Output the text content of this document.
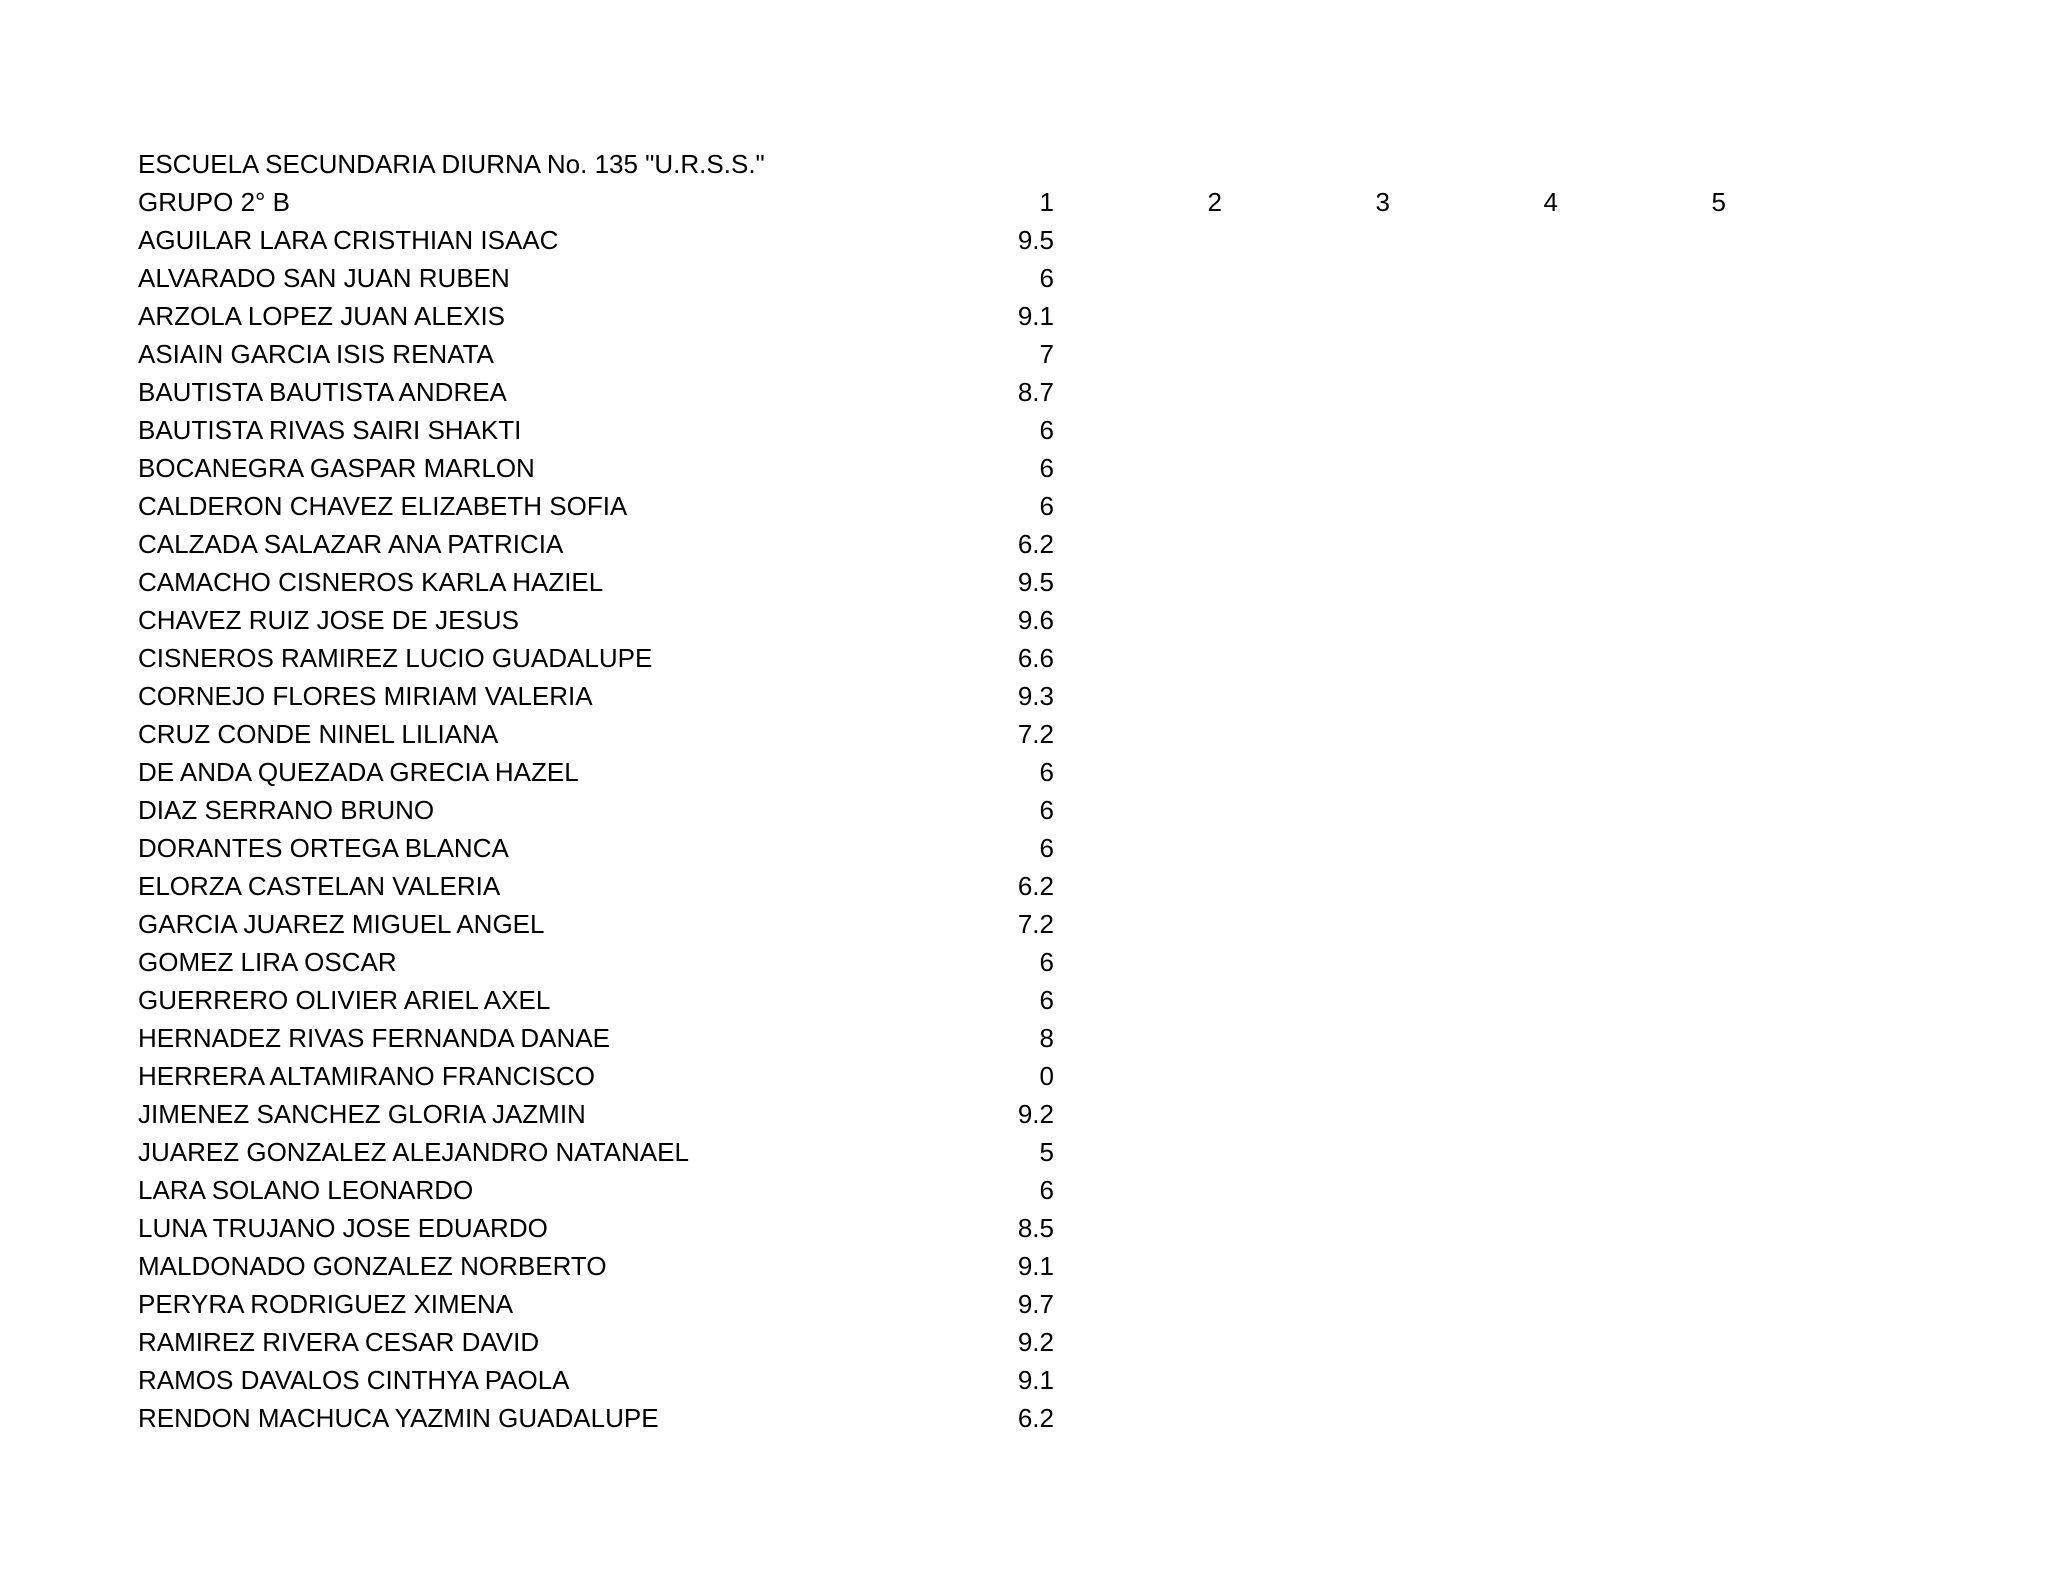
ESCUELA SECUNDARIA DIURNA No. 135 "U.R.S.S."
GRUPO 2° B	1	2	3	4	5
AGUILAR LARA CRISTHIAN ISAAC	9.5
ALVARADO SAN JUAN RUBEN	6
ARZOLA LOPEZ JUAN ALEXIS	9.1
ASIAIN GARCIA ISIS RENATA	7
BAUTISTA BAUTISTA ANDREA	8.7
BAUTISTA RIVAS SAIRI SHAKTI	6
BOCANEGRA GASPAR MARLON	6
CALDERON CHAVEZ ELIZABETH SOFIA	6
CALZADA SALAZAR ANA PATRICIA	6.2
CAMACHO CISNEROS KARLA HAZIEL	9.5
CHAVEZ RUIZ JOSE DE JESUS	9.6
CISNEROS RAMIREZ LUCIO GUADALUPE	6.6
CORNEJO FLORES MIRIAM VALERIA	9.3
CRUZ CONDE NINEL LILIANA	7.2
DE ANDA QUEZADA GRECIA HAZEL	6
DIAZ SERRANO BRUNO	6
DORANTES ORTEGA BLANCA	6
ELORZA CASTELAN VALERIA	6.2
GARCIA JUAREZ MIGUEL ANGEL	7.2
GOMEZ LIRA OSCAR	6
GUERRERO OLIVIER ARIEL AXEL	6
HERNADEZ RIVAS FERNANDA DANAE	8
HERRERA ALTAMIRANO FRANCISCO	0
JIMENEZ SANCHEZ GLORIA JAZMIN	9.2
JUAREZ GONZALEZ ALEJANDRO NATANAEL	5
LARA SOLANO LEONARDO	6
LUNA TRUJANO JOSE EDUARDO	8.5
MALDONADO GONZALEZ NORBERTO	9.1
PERYRA RODRIGUEZ XIMENA	9.7
RAMIREZ RIVERA CESAR DAVID	9.2
RAMOS DAVALOS CINTHYA PAOLA	9.1
RENDON MACHUCA YAZMIN GUADALUPE	6.2
